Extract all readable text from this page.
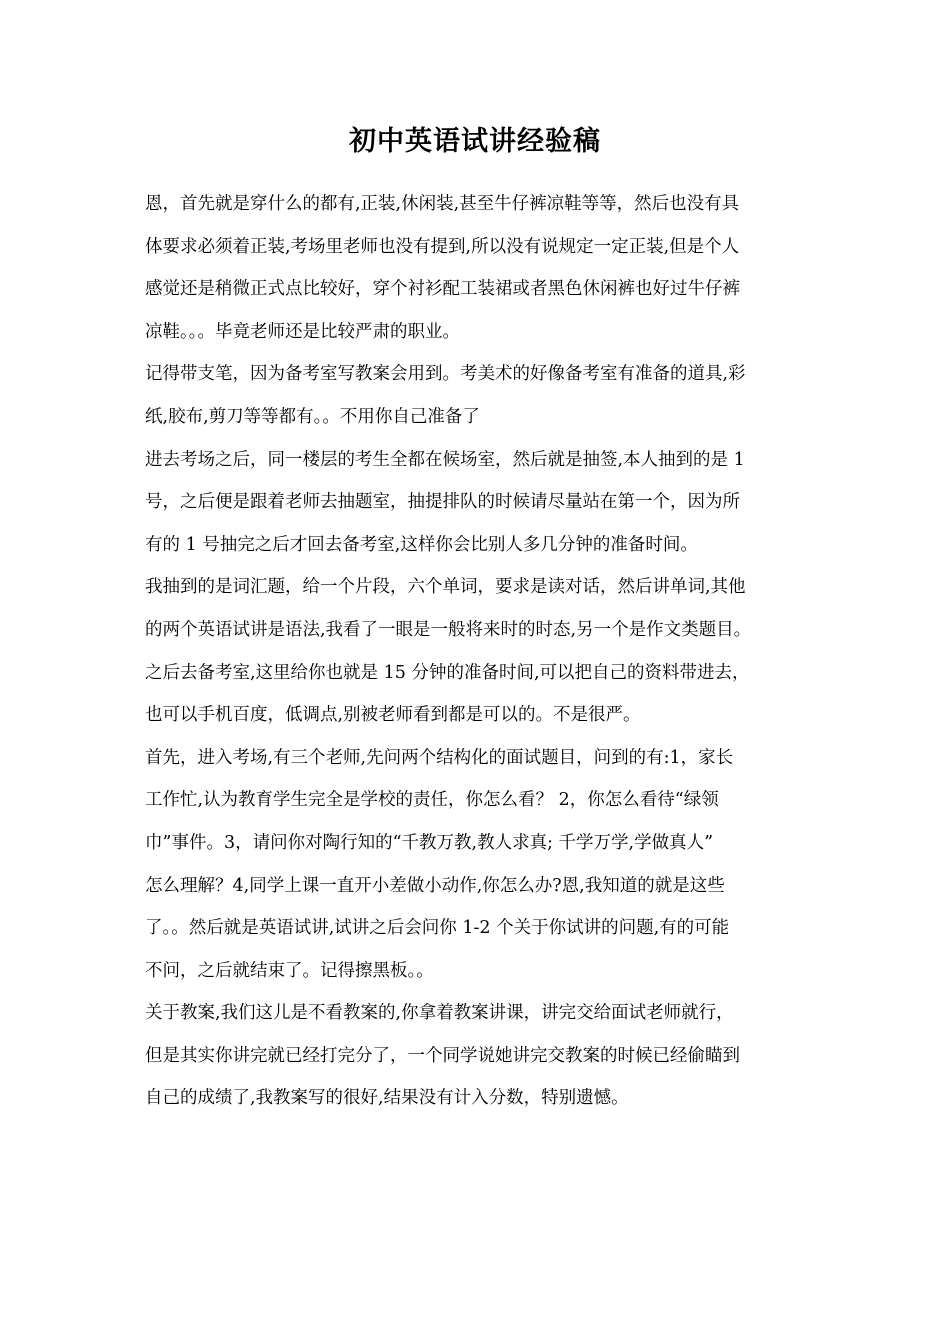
初中英语试讲经验稿
恩，首先就是穿什么的都有,正装,休闲装,甚至牛仔裤凉鞋等等，然后也没有具
体要求必须着正装,考场里老师也没有提到,所以没有说规定一定正装,但是个人
感觉还是稍微正式点比较好，穿个衬衫配工装裙或者黑色休闲裤也好过牛仔裤
凉鞋。。。毕竟老师还是比较严肃的职业。
记得带支笔，因为备考室写教案会用到。考美术的好像备考室有准备的道具,彩
纸,胶布,剪刀等等都有。。不用你自己准备了
进去考场之后，同一楼层的考生全都在候场室，然后就是抽签,本人抽到的是 1
号，之后便是跟着老师去抽题室，抽提排队的时候请尽量站在第一个，因为所
有的 1 号抽完之后才回去备考室,这样你会比别人多几分钟的准备时间。
我抽到的是词汇题，给一个片段，六个单词，要求是读对话，然后讲单词,其他
的两个英语试讲是语法,我看了一眼是一般将来时的时态,另一个是作文类题目。
之后去备考室,这里给你也就是 15 分钟的准备时间,可以把自己的资料带进去，
也可以手机百度，低调点,别被老师看到都是可以的。不是很严。
首先，进入考场,有三个老师,先问两个结构化的面试题目，问到的有:1，家长
工作忙,认为教育学生完全是学校的责任，你怎么看？ 2，你怎么看待“绿领
巾”事件。3，请问你对陶行知的“千教万教,教人求真; 千学万学,学做真人”
怎么理解？4,同学上课一直开小差做小动作,你怎么办?恩,我知道的就是这些
了。。然后就是英语试讲,试讲之后会问你 1-2 个关于你试讲的问题,有的可能
不问，之后就结束了。记得擦黑板。。
关于教案,我们这儿是不看教案的,你拿着教案讲课，讲完交给面试老师就行，
但是其实你讲完就已经打完分了，一个同学说她讲完交教案的时候已经偷瞄到
自己的成绩了,我教案写的很好,结果没有计入分数，特别遗憾。
